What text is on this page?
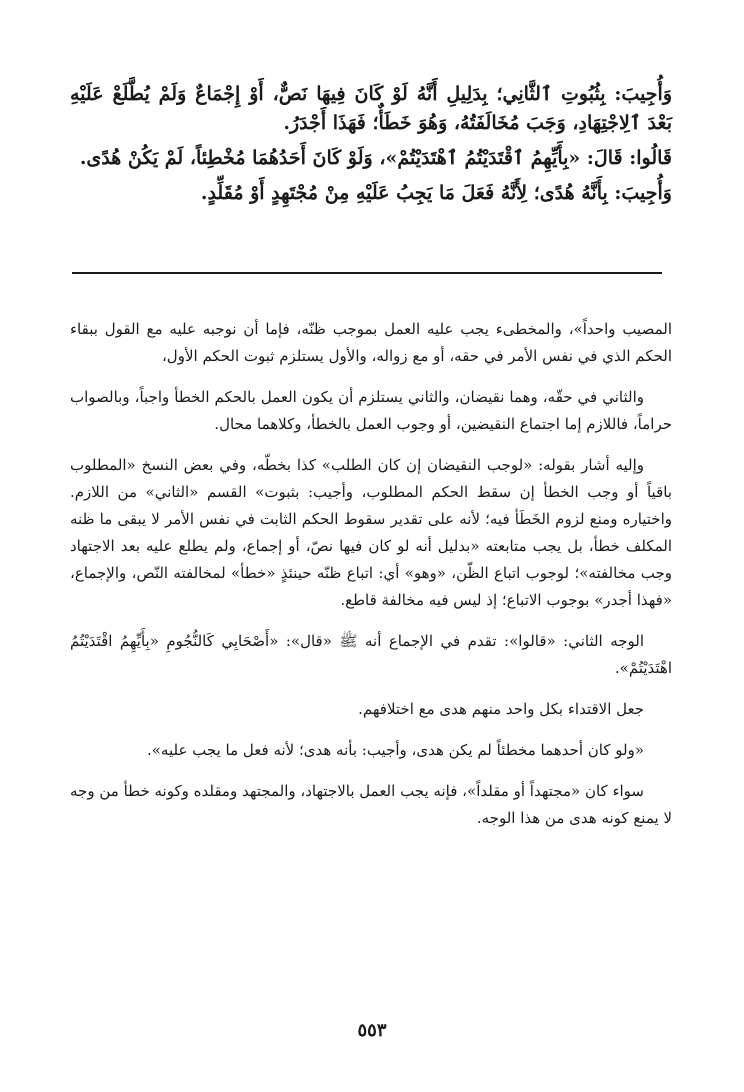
وَأُجِيبَ: بِثُبُوتِ ٱلثَّانِي؛ بِدَلِيلِ أَنَّهُ لَوْ كَانَ فِيهَا نَصٌّ، أَوْ إِجْمَاعٌ وَلَمْ يُطَّلَعْ عَلَيْهِ بَعْدَ ٱلِاجْتِهَادِ، وَجَبَ مُخَالَفَتُهُ، وَهُوَ خَطَأٌ؛ فَهَذَا أَجْدَرُ.

قَالُوا: قَالَ: «بِأَيِّهِمُ ٱقْتَدَيْتُمُ ٱهْتَدَيْتُمْ»، وَلَوْ كَانَ أَحَدُهُمَا مُخْطِئاً، لَمْ يَكُنْ هُدًى.

وَأُجِيبَ: بِأَنَّهُ هُدًى؛ لِأَنَّهُ فَعَلَ مَا يَجِبُ عَلَيْهِ مِنْ مُجْتَهِدٍ أَوْ مُقَلِّدٍ.

المصيب واحداً»، والمخطىء يجب عليه العمل بموجب ظنّه، فإما أن نوجبه عليه مع القول ببقاء الحكم الذي في نفس الأمر في حقه، أو مع زواله، والأول يستلزم ثبوت الحكم الأول،

والثاني في حقّه، وهما نقيضان، والثاني يستلزم أن يكون العمل بالحكم الخطأ واجباً، وبالصواب حراماً، فاللازم إما اجتماع النقيضين، أو وجوب العمل بالخطأ، وكلاهما محال.

وإليه أشار بقوله: «لوجب النقيضان إن كان الطلب» كذا بخطّه، وفي بعض النسخ «المطلوب باقياً أو وجب الخطأ إن سقط الحكم المطلوب، وأجيب: بثبوت» القسم «الثاني» من اللازم. واختياره ومنع لزوم الخَطَأ فيه؛ لأنه على تقدير سقوط الحكم الثابت في نفس الأمر لا يبقى ما ظنه المكلف خطأ، بل يجب متابعته «بدليل أنه لو كان فيها نصّ، أو إجماع، ولم يطلع عليه بعد الاجتهاد وجب مخالفته»؛ لوجوب اتباع الظّن، «وهو» أي: اتباع ظنّه حينئذٍ «خطأ» لمخالفته النّص، والإجماع، «فهذا أجدر» بوجوب الاتباع؛ إذ ليس فيه مخالفة قاطع.

الوجه الثاني: «قالوا»: تقدم في الإجماع أنه ﷺ «قال»: «أَصْحَابِي كَالنُّجُومِ «بِأَيِّهِمُ اقْتَدَيْتُمُ اهْتَدَيْتُمْ».

جعل الاقتداء بكل واحد منهم هدى مع اختلافهم.

«ولو كان أحدهما مخطئاً لم يكن هدى، وأجيب: بأنه هدى؛ لأنه فعل ما يجب عليه».

سواء كان «مجتهداً أو مقلداً»، فإنه يجب العمل بالاجتهاد، والمجتهد ومقلده وكونه خطأ من وجه لا يمنع كونه هدى من هذا الوجه.

٥٥٣
